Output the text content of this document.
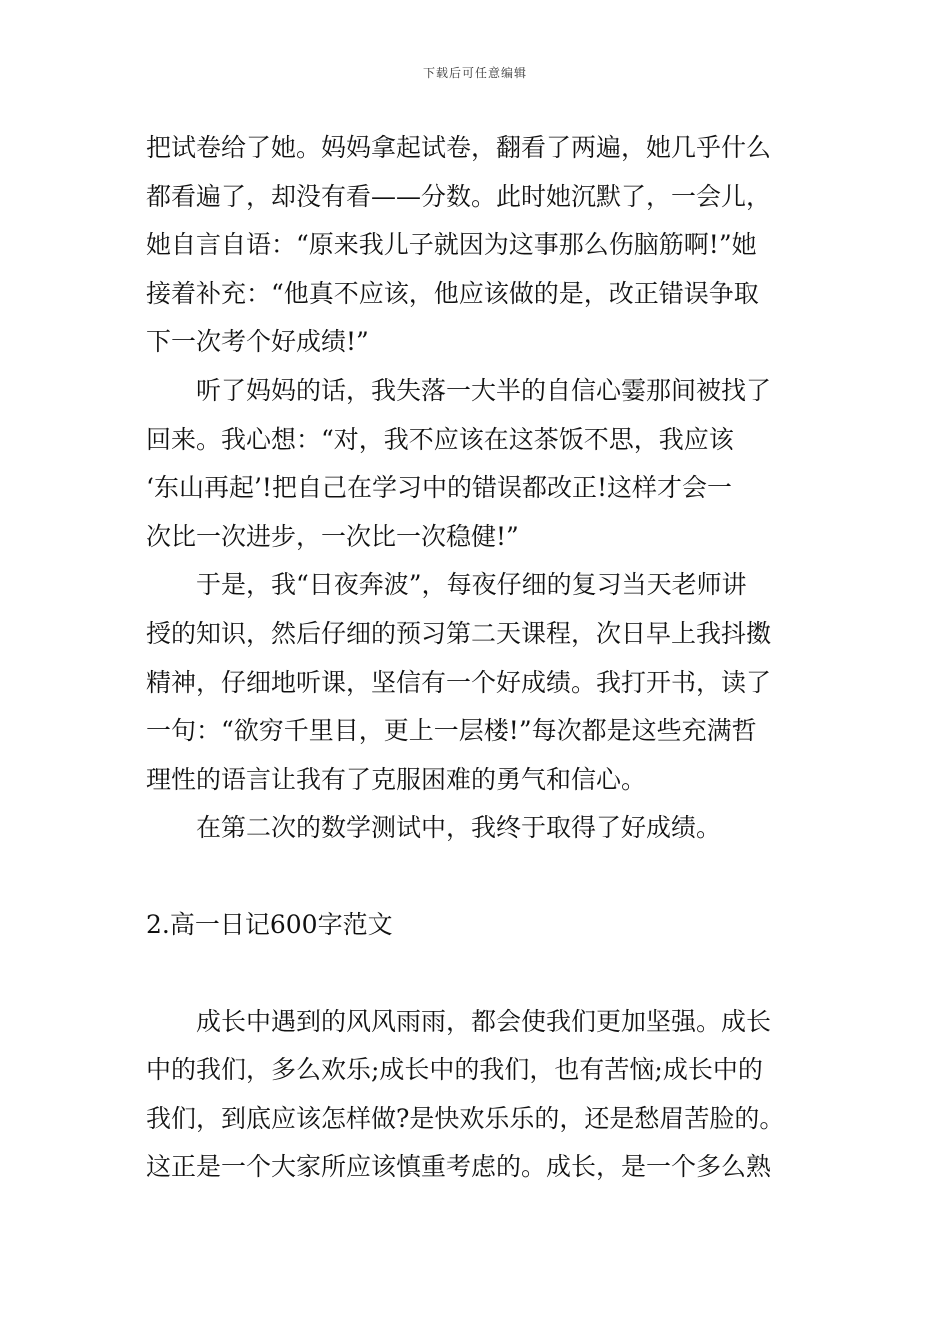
下载后可任意编辑

把试卷给了她。妈妈拿起试卷，翻看了两遍，她几乎什么

都看遍了，却没有看——分数。此时她沉默了，一会儿，

她自言自语：“原来我儿子就因为这事那么伤脑筋啊!”她

接着补充：“他真不应该，他应该做的是，改正错误争取

下一次考个好成绩!”

　　听了妈妈的话，我失落一大半的自信心霎那间被找了

回来。我心想：“对，我不应该在这茶饭不思，我应该

‘东山再起’!把自己在学习中的错误都改正!这样才会一

次比一次进步，一次比一次稳健!”

　　于是，我“日夜奔波”，每夜仔细的复习当天老师讲

授的知识，然后仔细的预习第二天课程，次日早上我抖擞

精神，仔细地听课，坚信有一个好成绩。我打开书，读了

一句：“欲穷千里目，更上一层楼!”每次都是这些充满哲

理性的语言让我有了克服困难的勇气和信心。

　　在第二次的数学测试中，我终于取得了好成绩。

2.高一日记600字范文

　　成长中遇到的风风雨雨，都会使我们更加坚强。成长

中的我们，多么欢乐;成长中的我们，也有苦恼;成长中的

我们，到底应该怎样做?是快欢乐乐的，还是愁眉苦脸的。

这正是一个大家所应该慎重考虑的。成长，是一个多么熟
